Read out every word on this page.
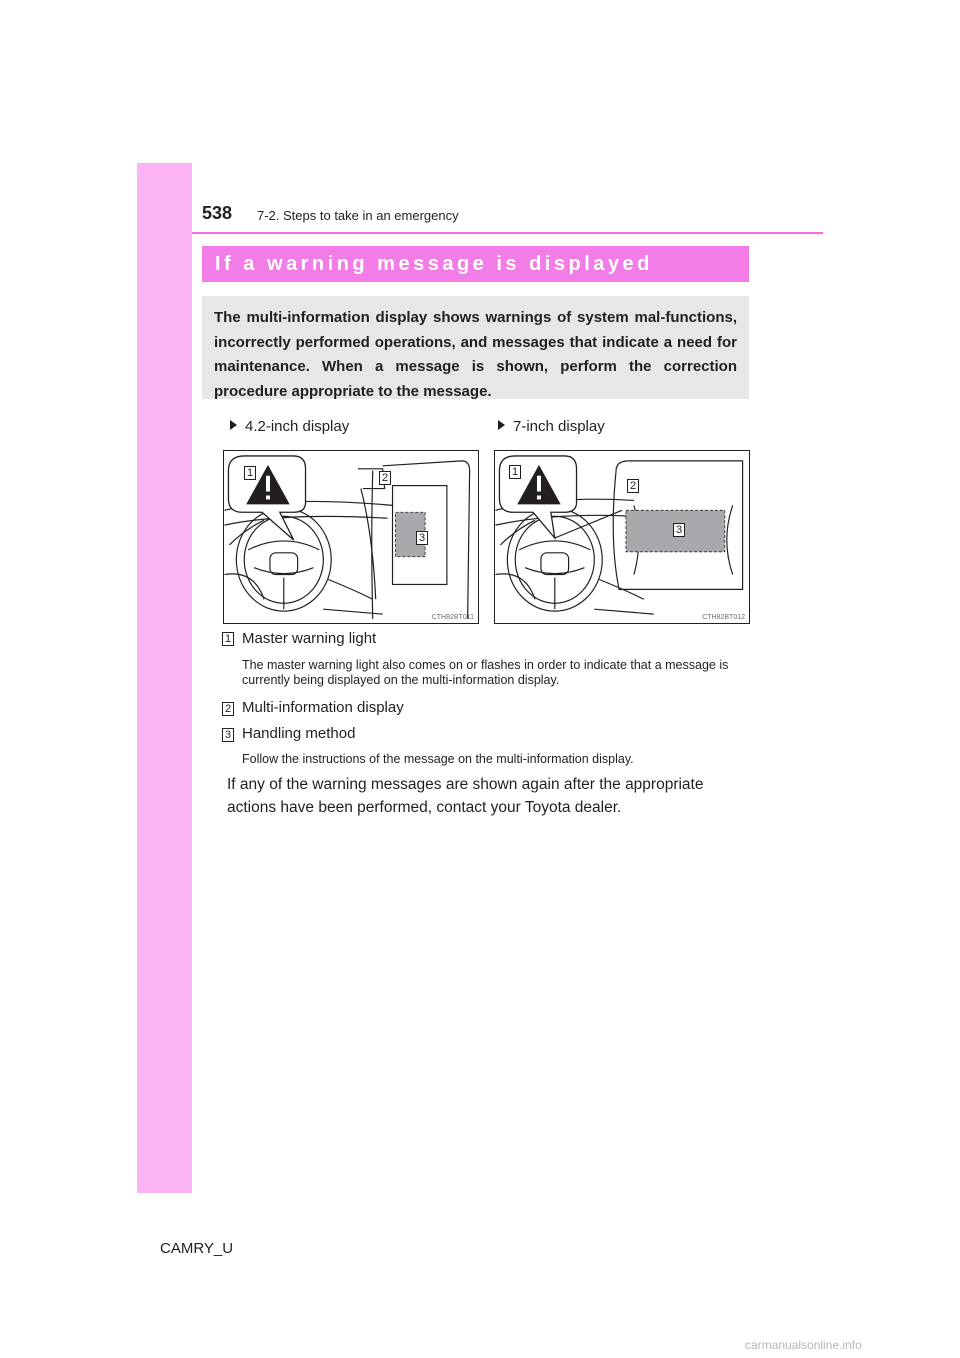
538 7-2. Steps to take in an emergency
If a warning message is displayed

The multi-information display shows warnings of system mal-functions, incorrectly performed operations, and messages that indicate a need for maintenance. When a message is shown, perform the correction procedure appropriate to the message.

4.2-inch display	7-inch display
1	2
3
CTH82BT011
1
2
3
CTH82BT012
1 Master warning light

The master warning light also comes on or flashes in order to indicate that a message is currently being displayed on the multi-information display.

2 Multi-information display
3 Handling method

Follow the instructions of the message on the multi-information display.

If any of the warning messages are shown again after the appropriate actions have been performed, contact your Toyota dealer.

CAMRY_U
carmanualsonline.info
